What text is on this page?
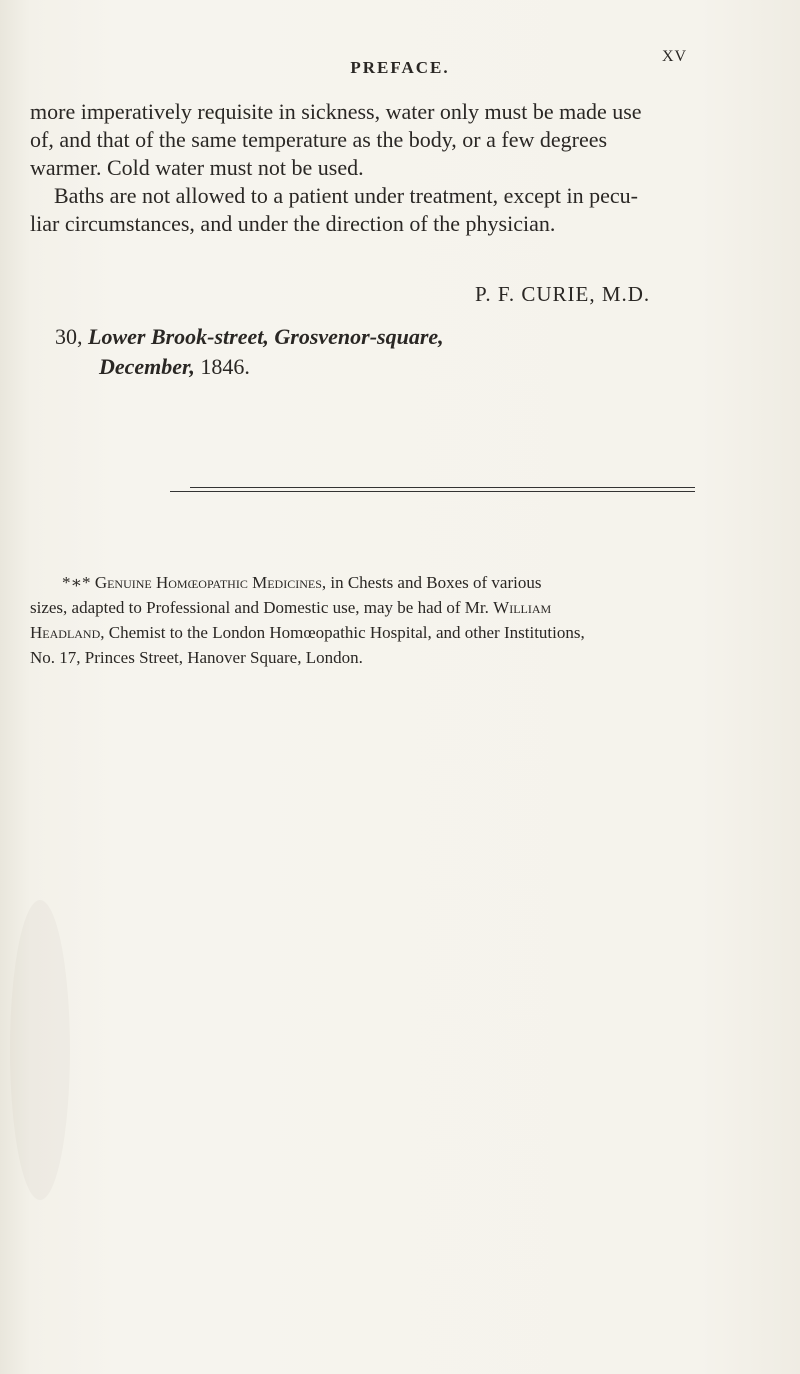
PREFACE.
XV

more imperatively requisite in sickness, water only must be made use
of, and that of the same temperature as the body, or a few degrees
warmer. Cold water must not be used.
Baths are not allowed to a patient under treatment, except in pecu-
liar circumstances, and under the direction of the physician.

P. F. CURIE, M.D.
30, Lower Brook-street, Grosvenor-square,
December, 1846.
*∗* Genuine Homœopathic Medicines, in Chests and Boxes of various
sizes, adapted to Professional and Domestic use, may be had of Mr. William
Headland, Chemist to the London Homœopathic Hospital, and other Institutions,
No. 17, Princes Street, Hanover Square, London.
